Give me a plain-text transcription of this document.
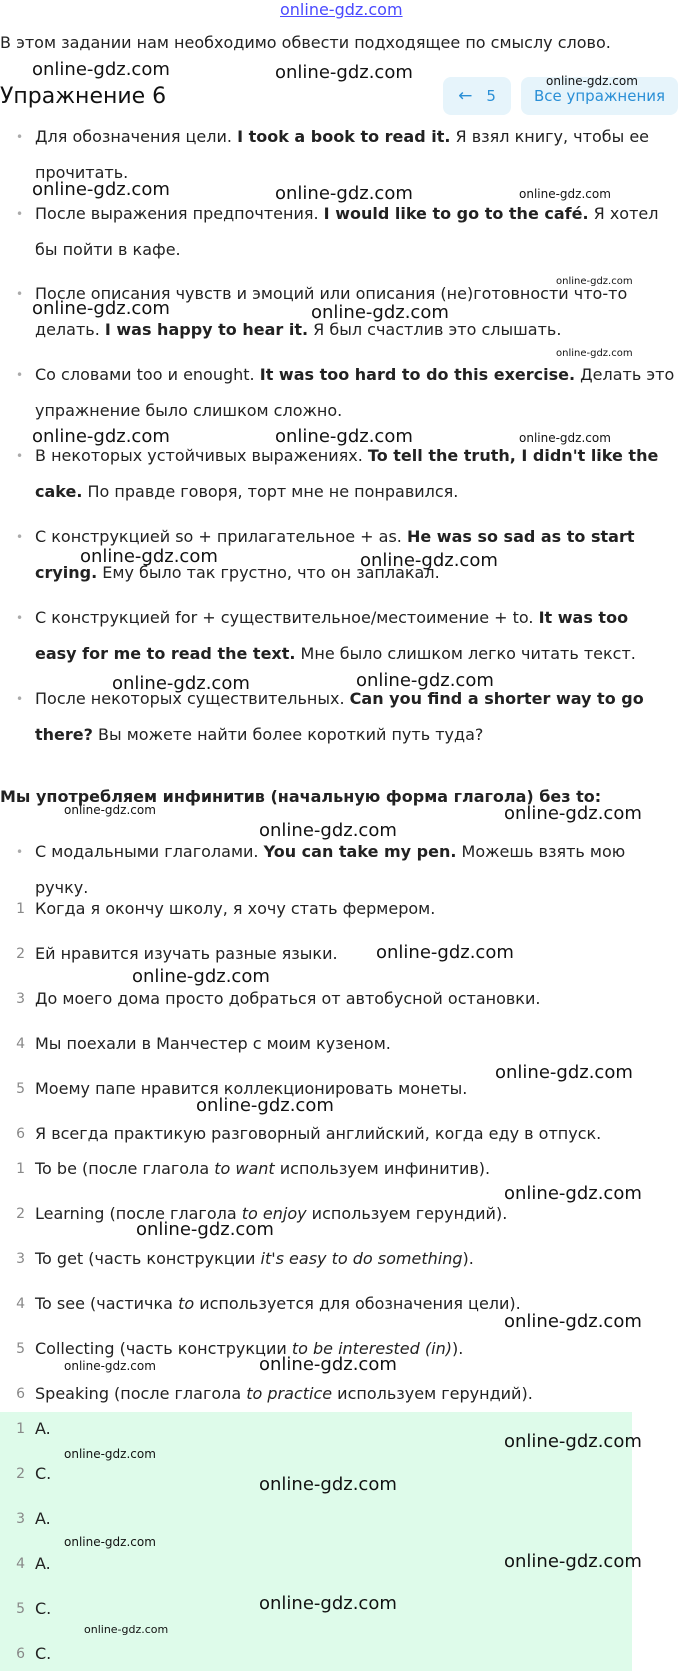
online-gdz.com
В этом задании нам необходимо обвести подходящее по смыслу слово.
Упражнение 6	← 5	Все упражнения
• Для обозначения цели. I took a book to read it. Я взял книгу, чтобы ее прочитать.
• После выражения предпочтения. I would like to go to the café. Я хотел бы пойти в кафе.
• После описания чувств и эмоций или описания (не)готовности что-то делать. I was happy to hear it. Я был счастлив это слышать.
• Со словами too и enought. It was too hard to do this exercise. Делать это упражнение было слишком сложно.
• В некоторых устойчивых выражениях. To tell the truth, I didn't like the cake. По правде говоря, торт мне не понравился.
• С конструкцией so + прилагательное + as. He was so sad as to start crying. Ему было так грустно, что он заплакал.
• С конструкцией for + существительное/местоимение + to. It was too easy for me to read the text. Мне было слишком легко читать текст.
• После некоторых существительных. Can you find a shorter way to go there? Вы можете найти более короткий путь туда?
Мы употребляем инфинитив (начальную форма глагола) без to:
• С модальными глаголами. You can take my pen. Можешь взять мою ручку.
1 Когда я окончу школу, я хочу стать фермером.
2 Ей нравится изучать разные языки.
3 До моего дома просто добраться от автобусной остановки.
4 Мы поехали в Манчестер с моим кузеном.
5 Моему папе нравится коллекционировать монеты.
6 Я всегда практикую разговорный английский, когда еду в отпуск.
1 To be (после глагола to want используем инфинитив).
2 Learning (после глагола to enjoy используем герундий).
3 To get (часть конструкции it's easy to do something).
4 To see (частичка to используется для обозначения цели).
5 Collecting (часть конструкции to be interested (in)).
6 Speaking (после глагола to practice используем герундий).
1 A.
2 C.
3 A.
4 A.
5 C.
6 C.
online-gdz.com	online-gdz.com	online-gdz.com
online-gdz.com	online-gdz.com	online-gdz.com
online-gdz.com
online-gdz.com	online-gdz.com
online-gdz.com
online-gdz.com	online-gdz.com	online-gdz.com
online-gdz.com	online-gdz.com
online-gdz.com	online-gdz.com
online-gdz.com
online-gdz.com
online-gdz.com
online-gdz.com
online-gdz.com
online-gdz.com
online-gdz.com
online-gdz.com
online-gdz.com
online-gdz.com
online-gdz.com	online-gdz.com
online-gdz.com
online-gdz.com
online-gdz.com
online-gdz.com
online-gdz.com
online-gdz.com
online-gdz.com
